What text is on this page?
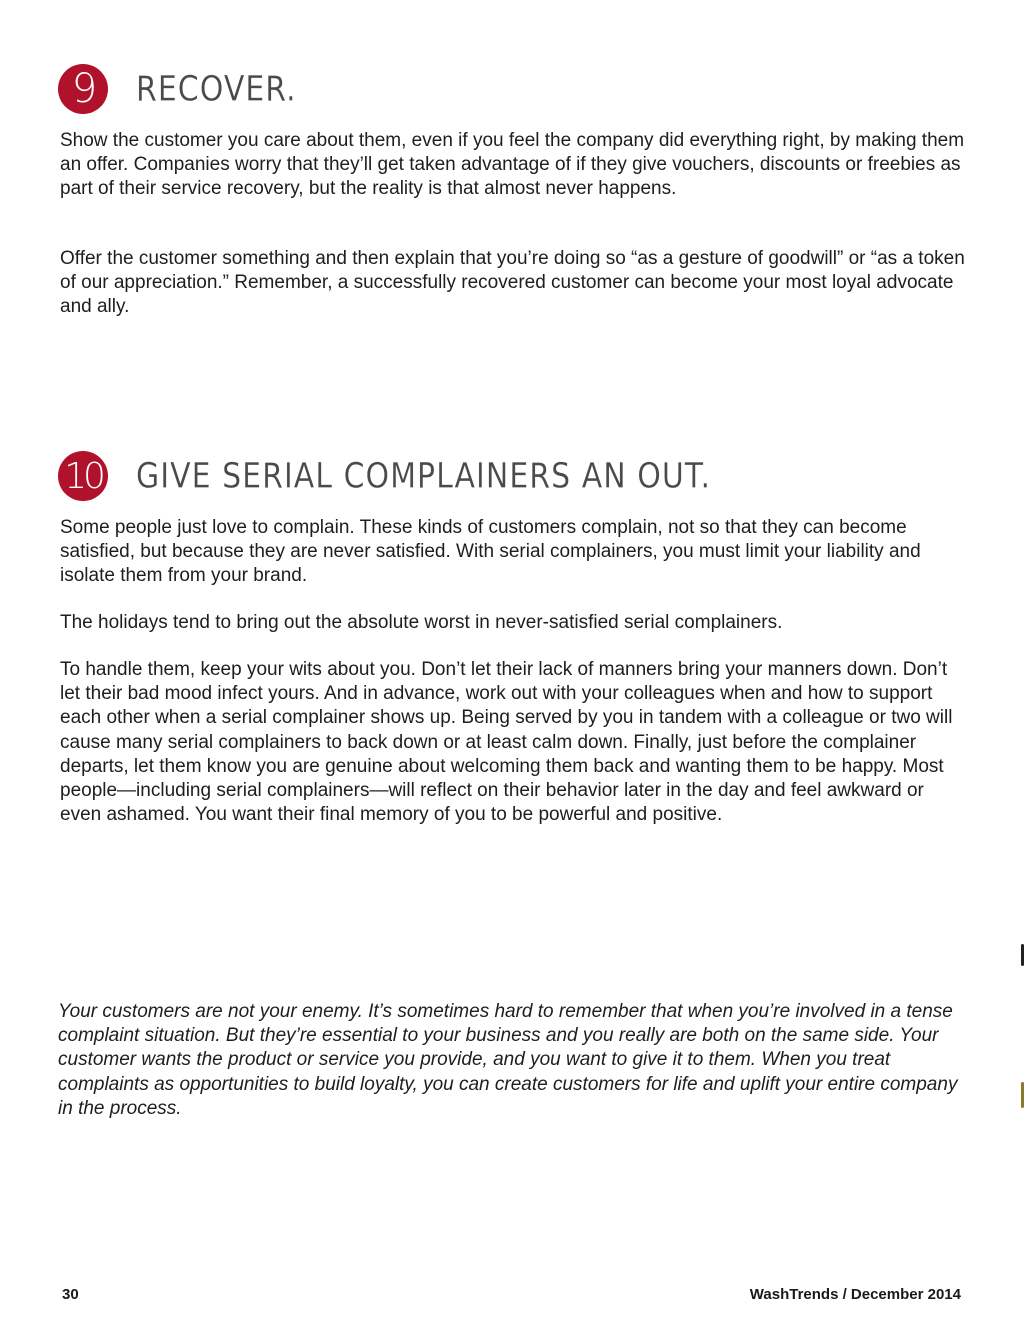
9	RECOVER.

Show the customer you care about them, even if you feel the company did everything right, by making them an offer. Companies worry that they’ll get taken advantage of if they give vouchers, discounts or freebies as part of their service recovery, but the reality is that almost never happens.

Offer the customer something and then explain that you’re doing so “as a gesture of goodwill” or “as a token of our appreciation.” Remember, a successfully recovered customer can become your most loyal advocate and ally.

10 GIVE SERIAL COMPLAINERS AN OUT.

Some people just love to complain. These kinds of customers complain, not so that they can become satisfied, but because they are never satisfied. With serial complainers, you must limit your liability and isolate them from your brand.

The holidays tend to bring out the absolute worst in never-satisfied serial complainers.

To handle them, keep your wits about you. Don’t let their lack of manners bring your manners down. Don’t let their bad mood infect yours. And in advance, work out with your colleagues when and how to support each other when a serial complainer shows up. Being served by you in tandem with a colleague or two will cause many serial complainers to back down or at least calm down. Finally, just before the complainer departs, let them know you are genuine about welcoming them back and wanting them to be happy. Most people—including serial complainers—will reflect on their behavior later in the day and feel awkward or even ashamed. You want their final memory of you to be powerful and positive.

Your customers are not your enemy. It’s sometimes hard to remember that when you’re involved in a tense complaint situation. But they’re essential to your business and you really are both on the same side. Your customer wants the product or service you provide, and you want to give it to them. When you treat complaints as opportunities to build loyalty, you can create customers for life and uplift your entire company in the process.

30	WashTrends / December 2014
